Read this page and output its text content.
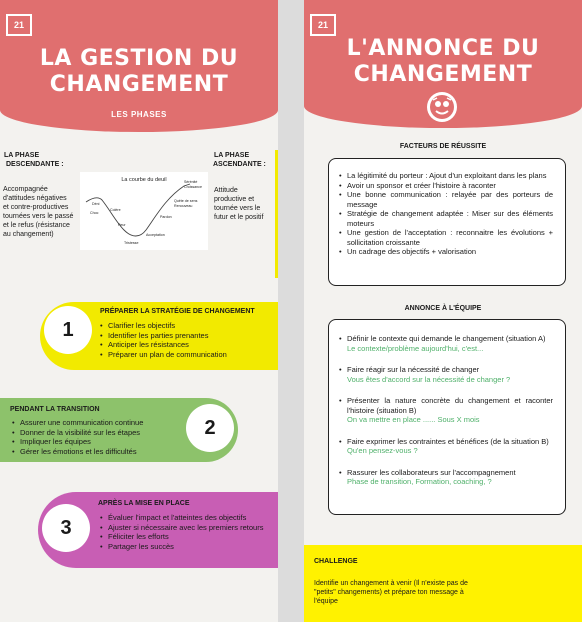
21
LA GESTION DU
CHANGEMENT
LES PHASES
LA PHASE
DESCENDANTE :
Accompagnée
d'attitudes négatives
et contre-productives
tournées vers le passé
et le refus (résistance
au changement)
La courbe du deuil
Choc
Déni
Colère
Peur
Tristesse
Acceptation
Pardon
Quête de sens
Renouveau
Sérénité
Croissance
LA PHASE
ASCENDANTE :
Attitude
productive et
tournée vers le
futur et le positif
1
PRÉPARER LA STRATÉGIE DE CHANGEMENT
• Clarifier les objectifs
• Identifier les parties prenantes
• Anticiper les résistances
• Préparer un plan de communication
2
PENDANT LA TRANSITION
• Assurer une communication continue
• Donner de la visibilité sur les étapes
• Impliquer les équipes
• Gérer les émotions et les difficultés
3
APRÈS LA MISE EN PLACE
• Évaluer l'impact et l'atteintes des objectifs
• Ajuster si nécessaire avec les premiers retours
• Féliciter les efforts
• Partager les succès
21
L'ANNONCE DU
CHANGEMENT
FACTEURS DE RÉUSSITE
• La légitimité du porteur : Ajout d'un exploitant dans les plans
• Avoir un sponsor et créer l'histoire à raconter
• Une bonne communication : relayée par des porteurs de message
• Stratégie de changement adaptée : Miser sur des éléments moteurs
• Une gestion de l'acceptation : reconnaitre les évolutions + sollicitation croissante
• Un cadrage des objectifs + valorisation
ANNONCE À L'ÉQUIPE
• Définir le contexte qui demande le changement (situation A)
Le contexte/problème aujourd'hui, c'est...
• Faire réagir sur la nécessité de changer
Vous êtes d'accord sur la nécessité de changer ?
• Présenter la nature concrète du changement et raconter l'histoire (situation B)
On va mettre en place ...... Sous X mois
• Faire exprimer les contraintes et bénéfices (de la situation B)
Qu'en pensez-vous ?
• Rassurer les collaborateurs sur l'accompagnement
Phase de transition, Formation, coaching, ?
CHALLENGE
Identifie un changement à venir (Il n'existe pas de
"petits" changements) et prépare ton message à
l'équipe
